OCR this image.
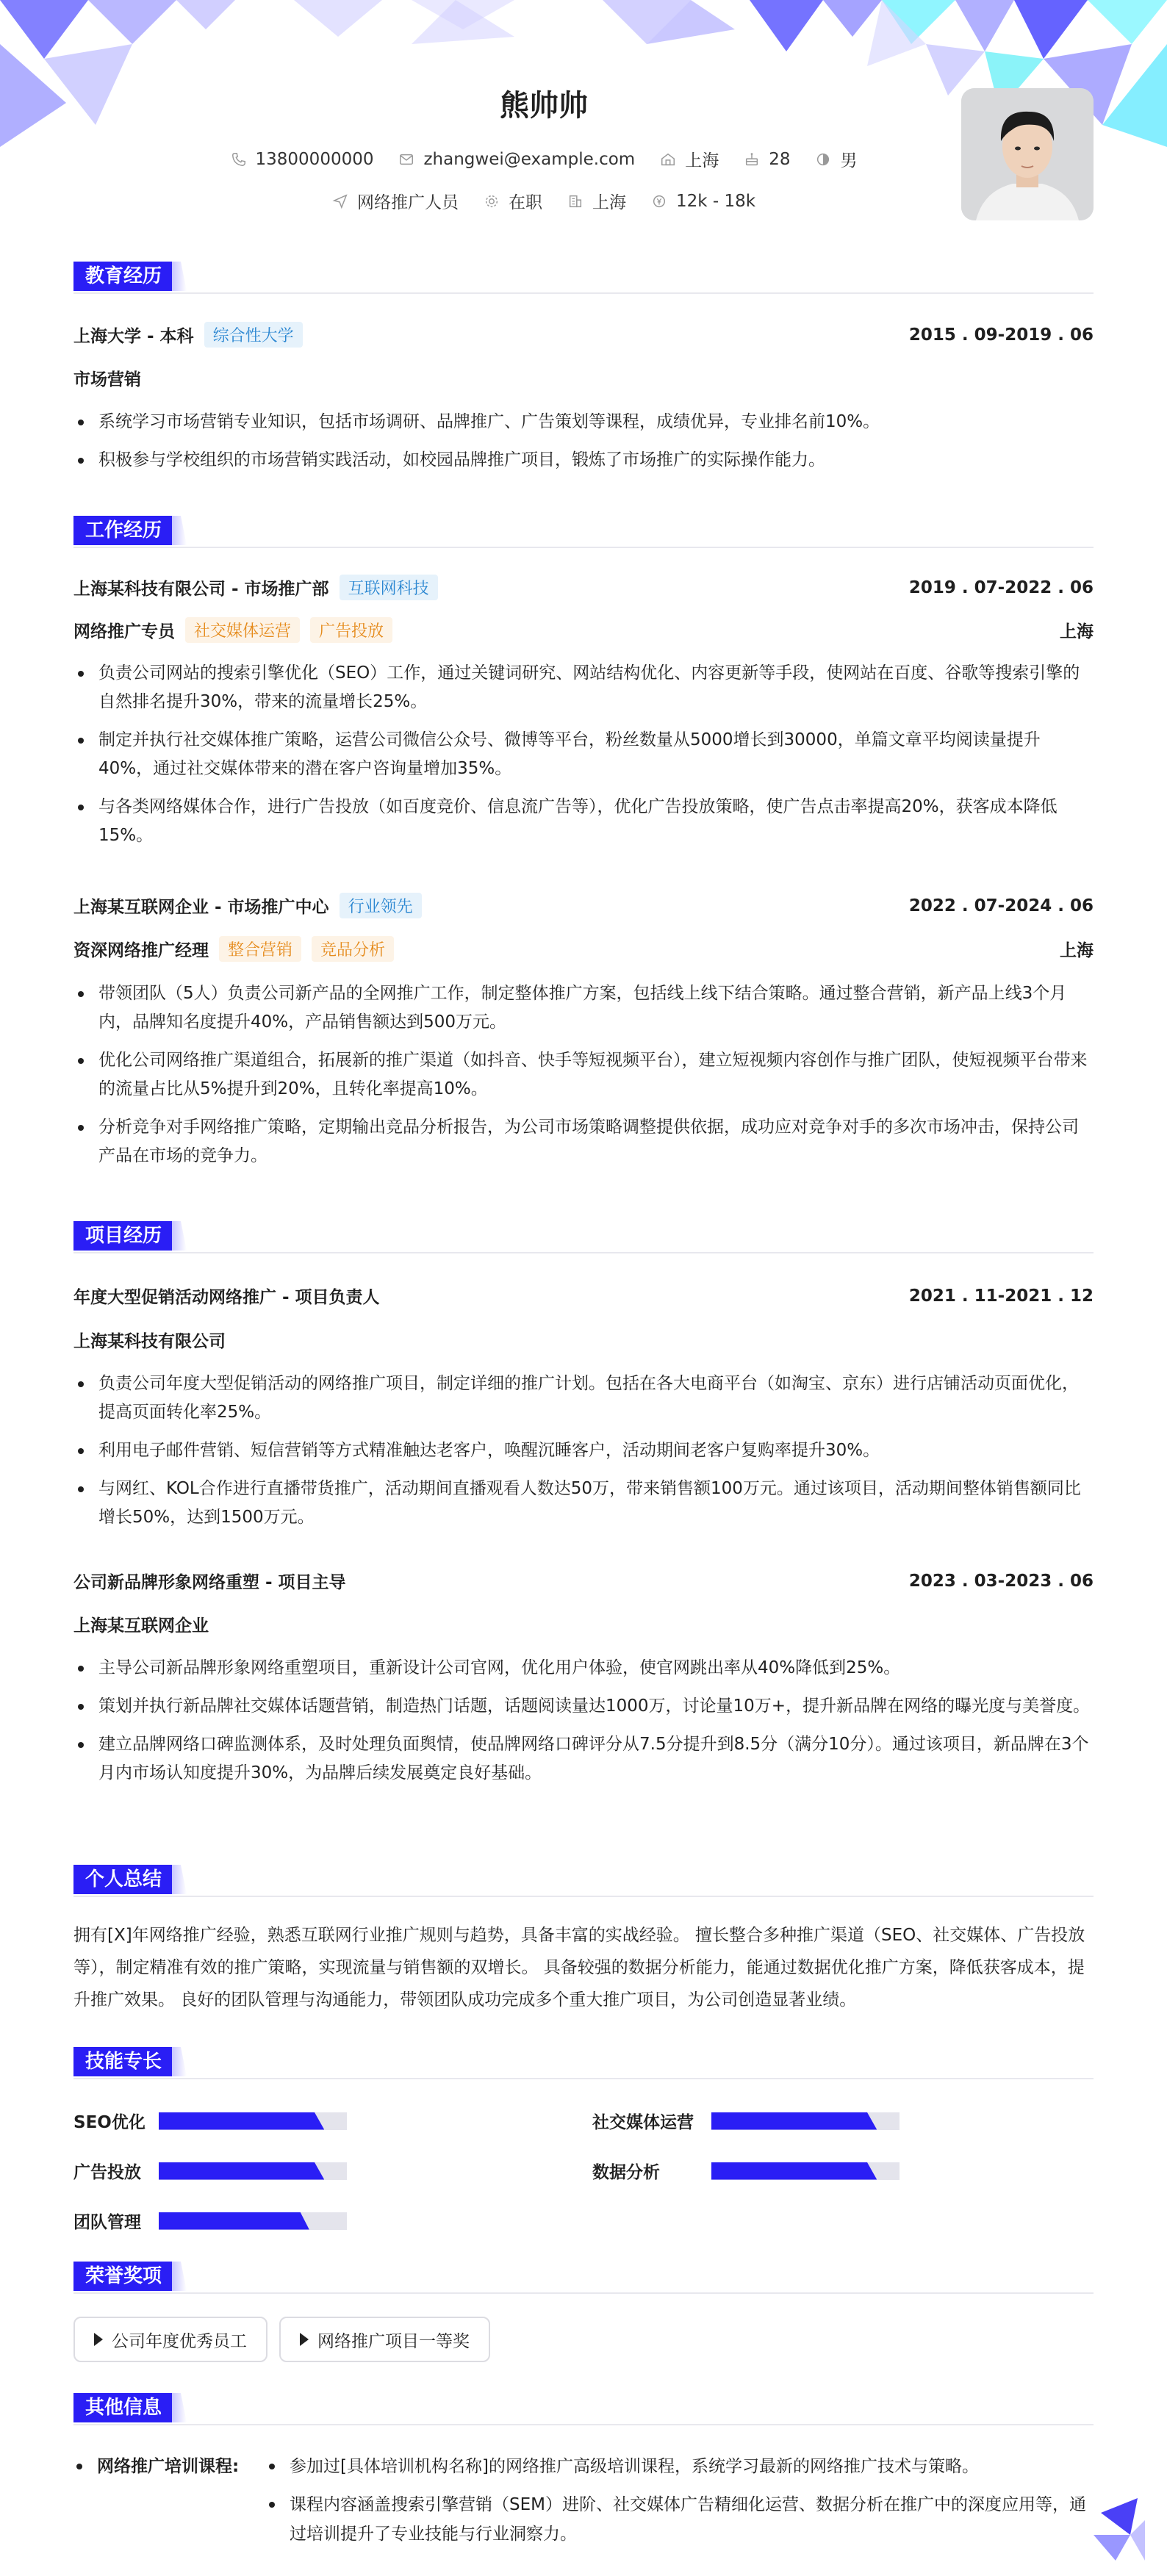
熊帅帅
13800000000	zhangwei@example.com	上海	28	男
网络推广人员	在职	上海	12k - 18k
教育经历
上海大学 - 本科	综合性大学	2015 . 09-2019 . 06
市场营销
系统学习市场营销专业知识，包括市场调研、品牌推广、广告策划等课程，成绩优异，专业排名前10%。
积极参与学校组织的市场营销实践活动，如校园品牌推广项目，锻炼了市场推广的实际操作能力。
工作经历
上海某科技有限公司 - 市场推广部	互联网科技	2019 . 07-2022 . 06
网络推广专员	社交媒体运营	广告投放	上海
负责公司网站的搜索引擎优化（SEO）工作，通过关键词研究、网站结构优化、内容更新等手段，使网站在百度、谷歌等搜索引擎的自然排名提升30%，带来的流量增长25%。
制定并执行社交媒体推广策略，运营公司微信公众号、微博等平台，粉丝数量从5000增长到30000，单篇文章平均阅读量提升40%，通过社交媒体带来的潜在客户咨询量增加35%。
与各类网络媒体合作，进行广告投放（如百度竞价、信息流广告等），优化广告投放策略，使广告点击率提高20%，获客成本降低15%。
上海某互联网企业 - 市场推广中心	行业领先	2022 . 07-2024 . 06
资深网络推广经理	整合营销	竞品分析	上海
带领团队（5人）负责公司新产品的全网推广工作，制定整体推广方案，包括线上线下结合策略。通过整合营销，新产品上线3个月内，品牌知名度提升40%，产品销售额达到500万元。
优化公司网络推广渠道组合，拓展新的推广渠道（如抖音、快手等短视频平台），建立短视频内容创作与推广团队，使短视频平台带来的流量占比从5%提升到20%，且转化率提高10%。
分析竞争对手网络推广策略，定期输出竞品分析报告，为公司市场策略调整提供依据，成功应对竞争对手的多次市场冲击，保持公司产品在市场的竞争力。
项目经历
年度大型促销活动网络推广 - 项目负责人	2021 . 11-2021 . 12
上海某科技有限公司
负责公司年度大型促销活动的网络推广项目，制定详细的推广计划。包括在各大电商平台（如淘宝、京东）进行店铺活动页面优化，提高页面转化率25%。
利用电子邮件营销、短信营销等方式精准触达老客户，唤醒沉睡客户，活动期间老客户复购率提升30%。
与网红、KOL合作进行直播带货推广，活动期间直播观看人数达50万，带来销售额100万元。通过该项目，活动期间整体销售额同比增长50%，达到1500万元。
公司新品牌形象网络重塑 - 项目主导	2023 . 03-2023 . 06
上海某互联网企业
主导公司新品牌形象网络重塑项目，重新设计公司官网，优化用户体验，使官网跳出率从40%降低到25%。
策划并执行新品牌社交媒体话题营销，制造热门话题，话题阅读量达1000万，讨论量10万+，提升新品牌在网络的曝光度与美誉度。
建立品牌网络口碑监测体系，及时处理负面舆情，使品牌网络口碑评分从7.5分提升到8.5分（满分10分）。通过该项目，新品牌在3个月内市场认知度提升30%，为品牌后续发展奠定良好基础。
个人总结
拥有[X]年网络推广经验，熟悉互联网行业推广规则与趋势，具备丰富的实战经验。 擅长整合多种推广渠道（SEO、社交媒体、广告投放等），制定精准有效的推广策略，实现流量与销售额的双增长。 具备较强的数据分析能力，能通过数据优化推广方案，降低获客成本，提升推广效果。 良好的团队管理与沟通能力，带领团队成功完成多个重大推广项目，为公司创造显著业绩。
技能专长
SEO优化	社交媒体运营
广告投放	数据分析
团队管理
荣誉奖项
公司年度优秀员工	网络推广项目一等奖
其他信息
网络推广培训课程:	参加过[具体培训机构名称]的网络推广高级培训课程，系统学习最新的网络推广技术与策略。
课程内容涵盖搜索引擎营销（SEM）进阶、社交媒体广告精细化运营、数据分析在推广中的深度应用等，通过培训提升了专业技能与行业洞察力。
